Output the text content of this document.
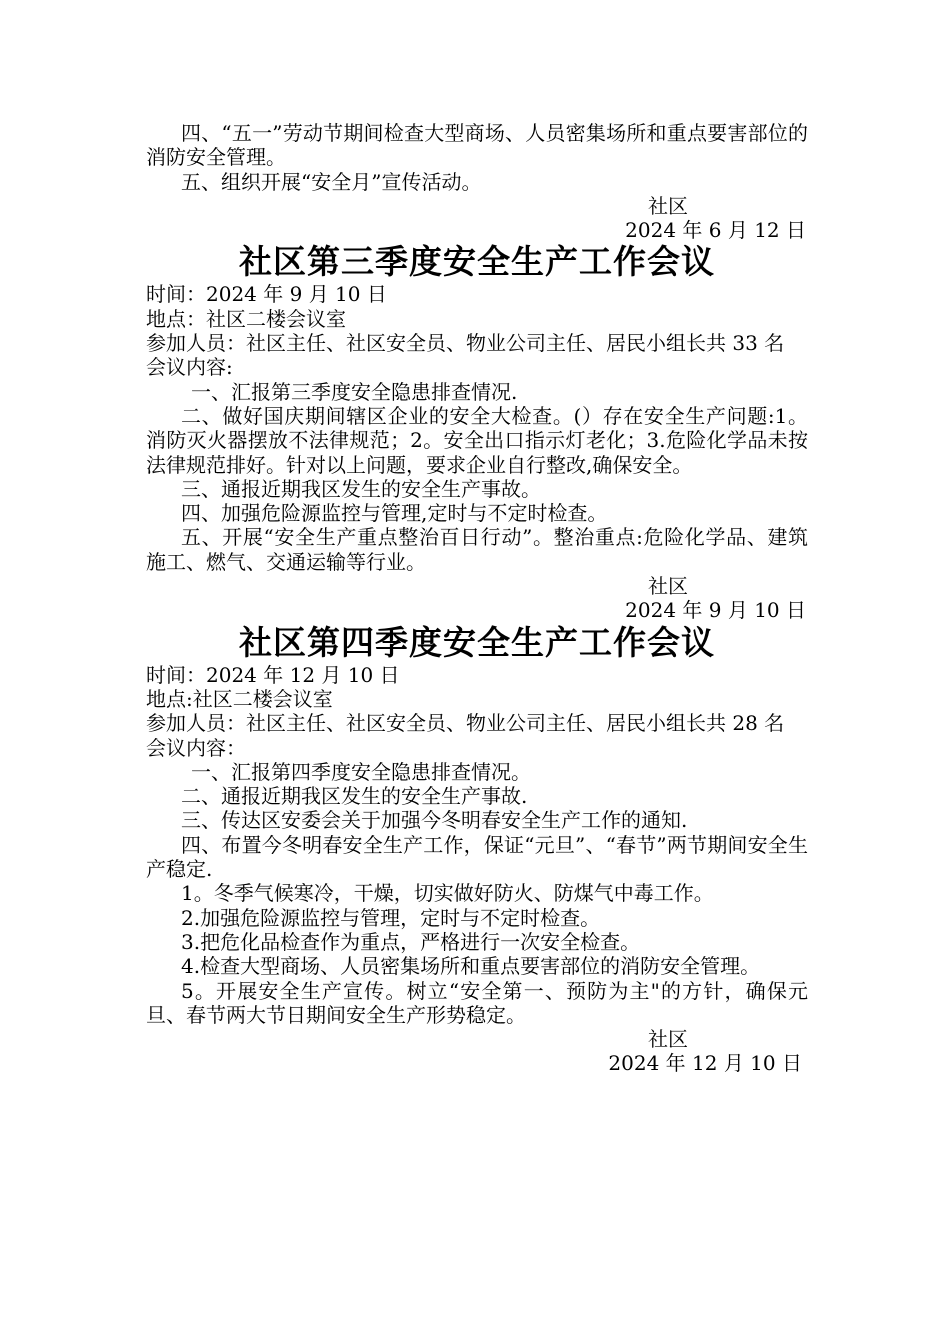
四、“五一”劳动节期间检查大型商场、人员密集场所和重点要害部位的消防安全管理。

五、组织开展“安全月”宣传活动。

社区

2024 年 6 月 12 日

社区第三季度安全生产工作会议

时间：2024 年 9 月 10 日

地点：社区二楼会议室

参加人员：社区主任、社区安全员、物业公司主任、居民小组长共 33 名

会议内容:

一、汇报第三季度安全隐患排查情况.

二、做好国庆期间辖区企业的安全大检查。(）存在安全生产问题:1。消防灭火器摆放不法律规范；2。安全出口指示灯老化；3.危险化学品未按法律规范排好。针对以上问题，要求企业自行整改,确保安全。

三、通报近期我区发生的安全生产事故。

四、加强危险源监控与管理,定时与不定时检查。

五、开展“安全生产重点整治百日行动”。整治重点:危险化学品、建筑施工、燃气、交通运输等行业。

社区

2024 年 9 月 10 日

社区第四季度安全生产工作会议

时间：2024 年 12 月 10 日

地点:社区二楼会议室

参加人员：社区主任、社区安全员、物业公司主任、居民小组长共 28 名

会议内容：

一、汇报第四季度安全隐患排查情况。

二、通报近期我区发生的安全生产事故.

三、传达区安委会关于加强今冬明春安全生产工作的通知.

四、布置今冬明春安全生产工作，保证“元旦”、“春节”两节期间安全生产稳定.

1。冬季气候寒冷，干燥，切实做好防火、防煤气中毒工作。

2.加强危险源监控与管理，定时与不定时检查。

3.把危化品检查作为重点，严格进行一次安全检查。

4.检查大型商场、人员密集场所和重点要害部位的消防安全管理。

5。开展安全生产宣传。树立“安全第一、预防为主"的方针，确保元旦、春节两大节日期间安全生产形势稳定。

社区

2024 年 12 月 10 日
